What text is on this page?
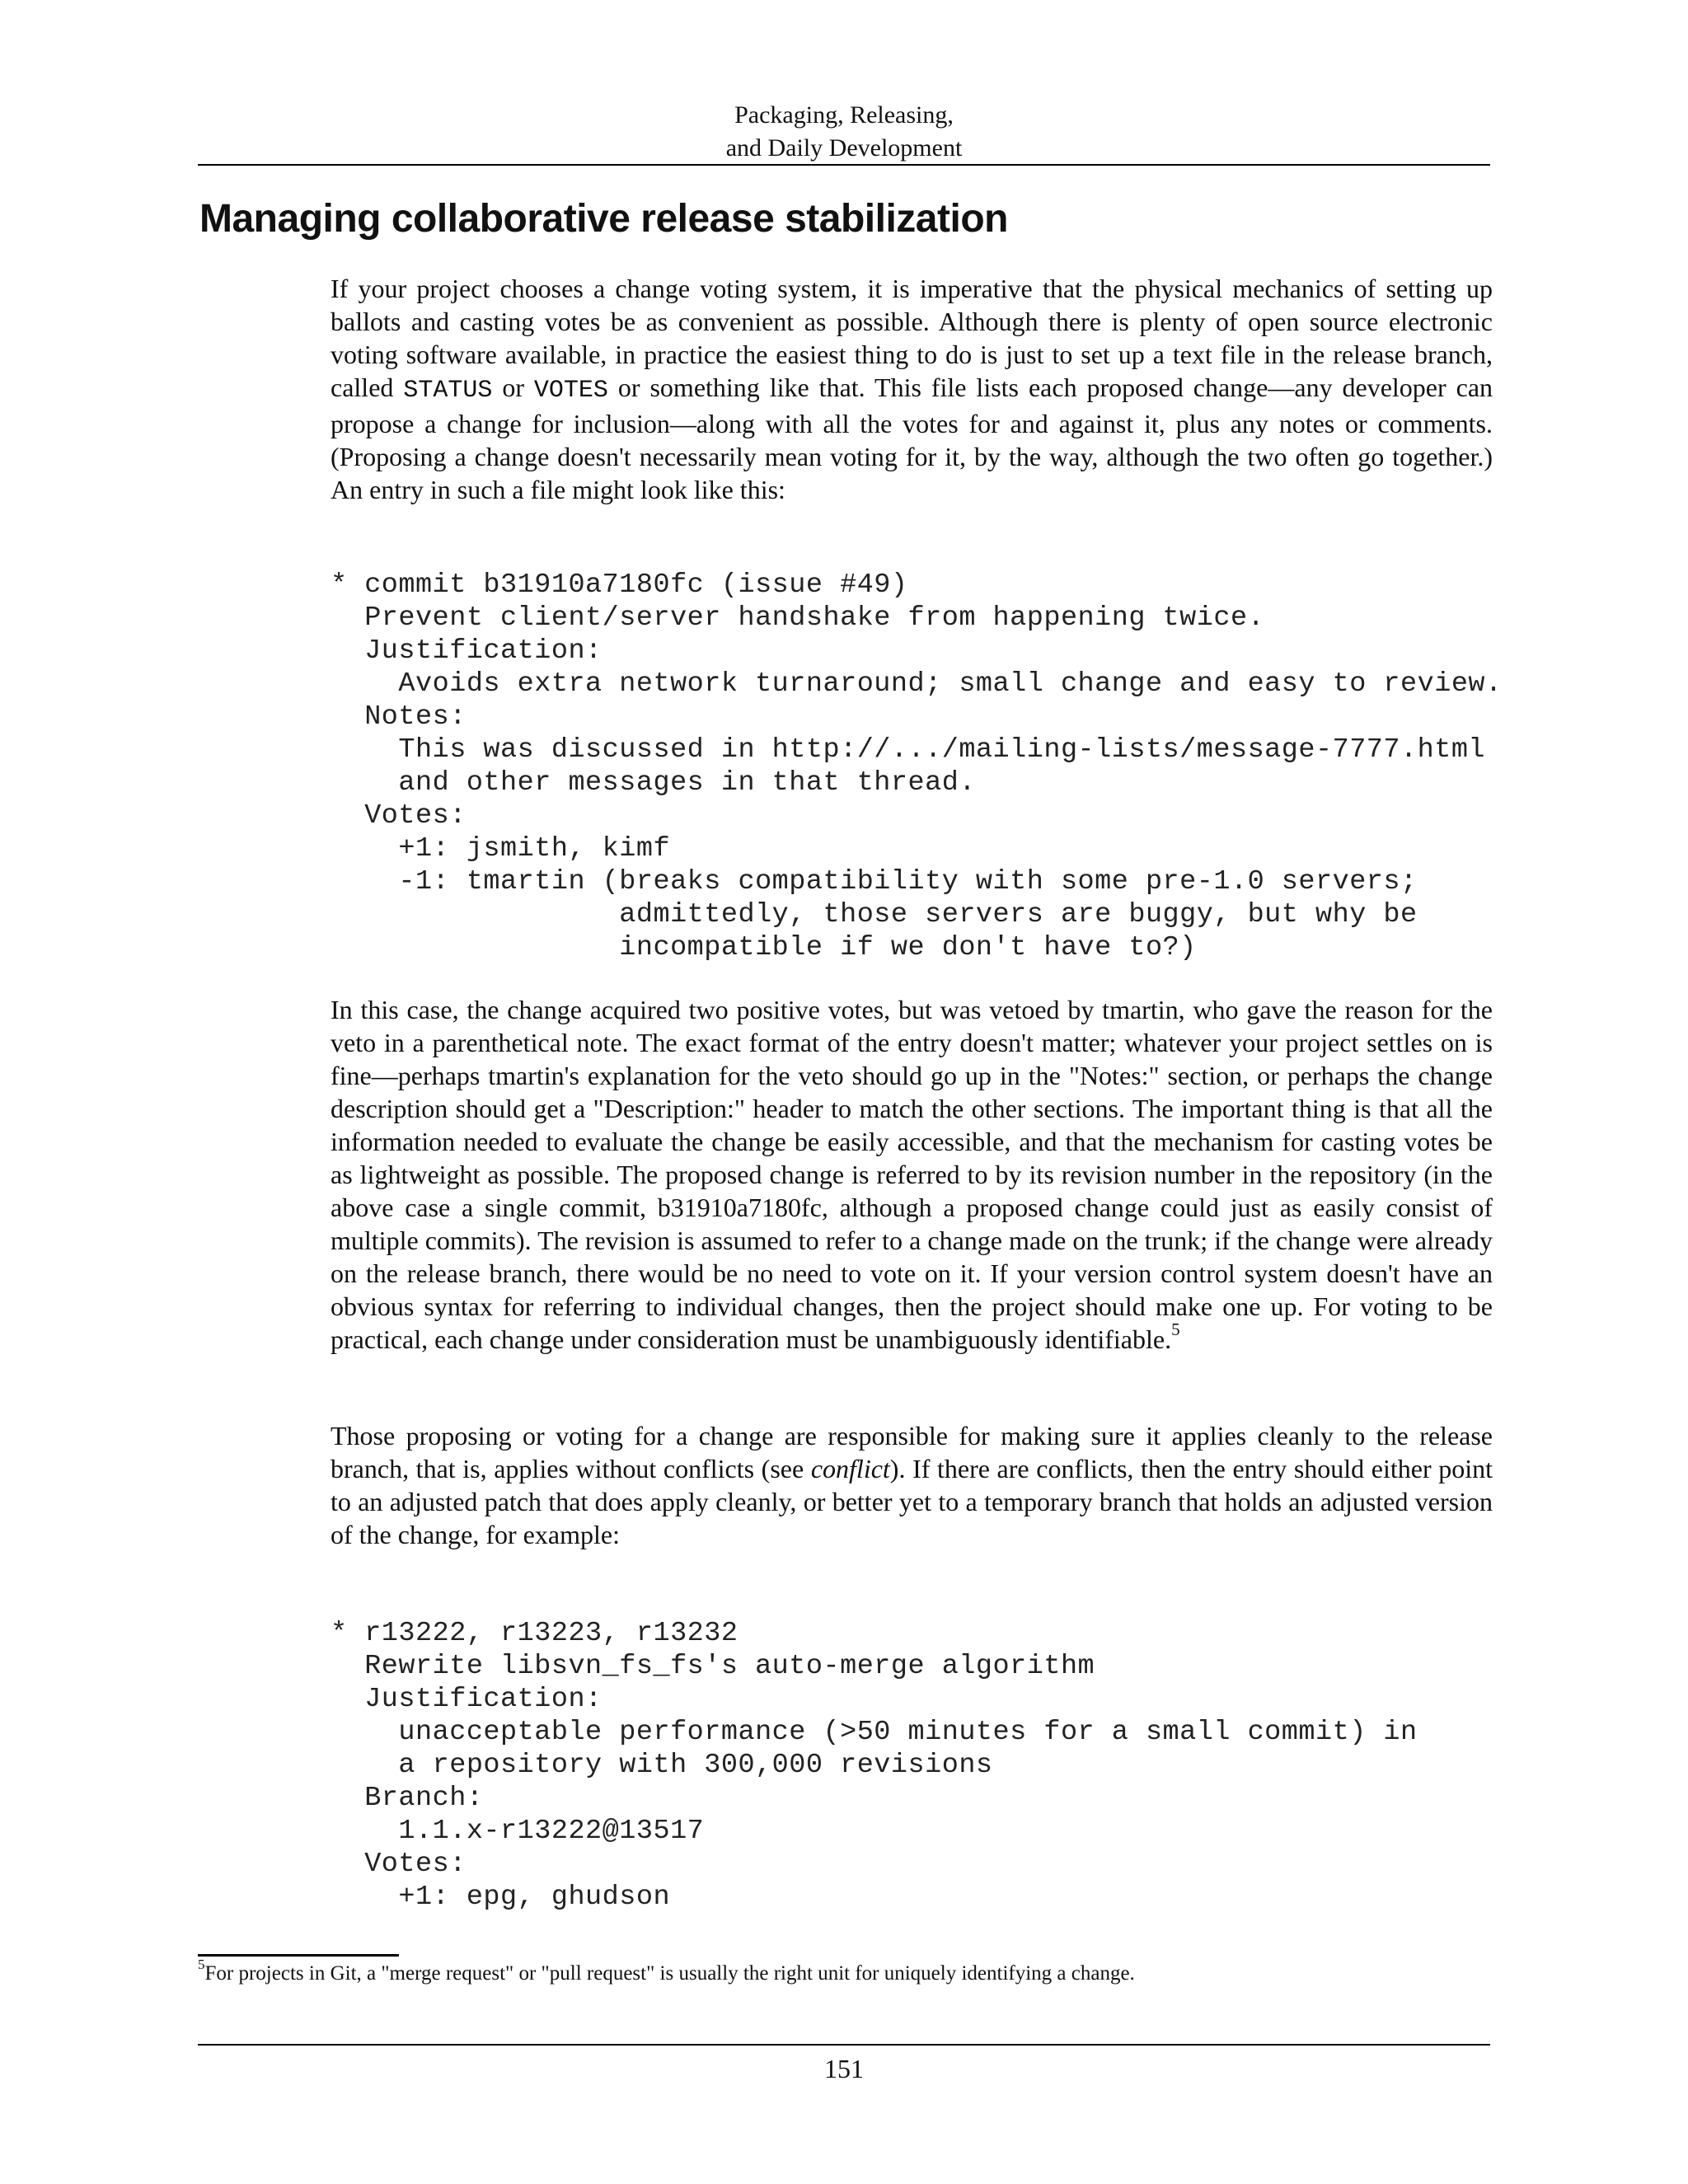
Packaging, Releasing,
and Daily Development
Managing collaborative release stabilization

If your project chooses a change voting system, it is imperative that the physical mechanics of setting up ballots and casting votes be as convenient as possible. Although there is plenty of open source electronic voting software available, in practice the easiest thing to do is just to set up a text file in the release branch, called STATUS or VOTES or something like that. This file lists each proposed change—any developer can propose a change for inclusion—along with all the votes for and against it, plus any notes or comments. (Proposing a change doesn't necessarily mean voting for it, by the way, although the two often go together.) An entry in such a file might look like this:

* commit b31910a7180fc (issue #49)
Prevent client/server handshake from happening twice.
Justification:
Avoids extra network turnaround; small change and easy to review.
Notes:
This was discussed in http://.../mailing-lists/message-7777.html
and other messages in that thread.
Votes:
+1: jsmith, kimf
-1: tmartin (breaks compatibility with some pre-1.0 servers;
admittedly, those servers are buggy, but why be
incompatible if we don't have to?)

In this case, the change acquired two positive votes, but was vetoed by tmartin, who gave the reason for the veto in a parenthetical note. The exact format of the entry doesn't matter; whatever your project settles on is fine—perhaps tmartin's explanation for the veto should go up in the "Notes:" section, or perhaps the change description should get a "Description:" header to match the other sections. The important thing is that all the information needed to evaluate the change be easily accessible, and that the mechanism for casting votes be as lightweight as possible. The proposed change is referred to by its revision number in the repository (in the above case a single commit, b31910a7180fc, although a proposed change could just as easily consist of multiple commits). The revision is assumed to refer to a change made on the trunk; if the change were already on the release branch, there would be no need to vote on it. If your version control system doesn't have an obvious syntax for referring to individual changes, then the project should make one up. For voting to be practical, each change under consideration must be unambiguously identifiable.$^5$

Those proposing or voting for a change are responsible for making sure it applies cleanly to the release branch, that is, applies without conflicts (see conflict). If there are conflicts, then the entry should either point to an adjusted patch that does apply cleanly, or better yet to a temporary branch that holds an adjusted version of the change, for example:

* r13222, r13223, r13232
Rewrite libsvn_fs_fs's auto-merge algorithm
Justification:
unacceptable performance (>50 minutes for a small commit) in
a repository with 300,000 revisions
Branch:
1.1.x-r13222@13517
Votes:
+1: epg, ghudson

$^5$For projects in Git, a "merge request" or "pull request" is usually the right unit for uniquely identifying a change.

151
